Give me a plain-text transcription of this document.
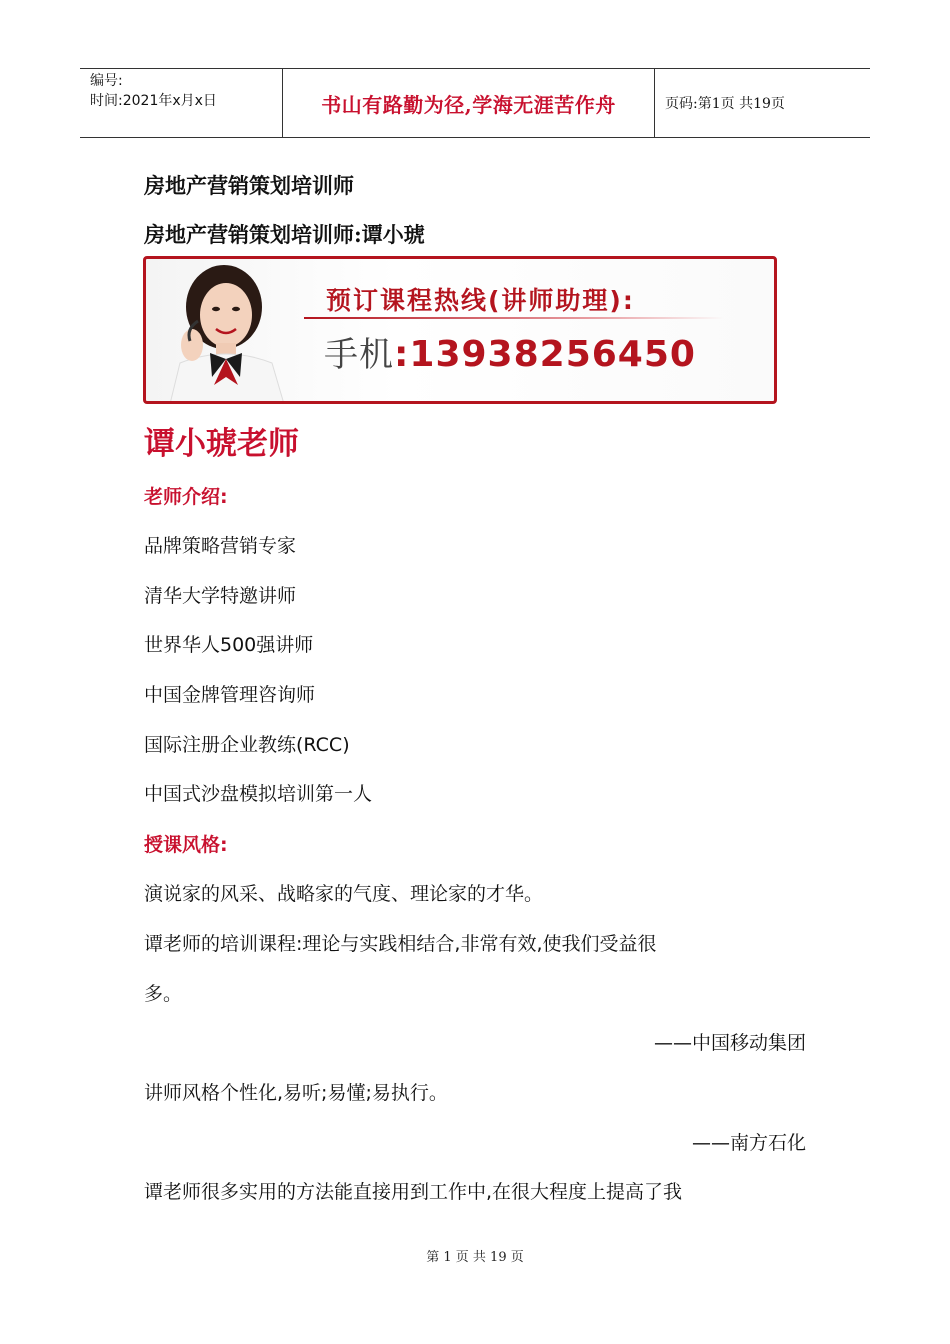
编号:
时间:2021年x月x日	书山有路勤为径,学海无涯苦作舟	页码:第1页 共19页
房地产营销策划培训师
房地产营销策划培训师:谭小琥
预订课程热线(讲师助理):
手机:13938256450
谭小琥老师
老师介绍:
品牌策略营销专家
清华大学特邀讲师
世界华人500强讲师
中国金牌管理咨询师
国际注册企业教练(RCC)
中国式沙盘模拟培训第一人
授课风格:
演说家的风采、战略家的气度、理论家的才华。
谭老师的培训课程:理论与实践相结合,非常有效,使我们受益很
多。
——中国移动集团
讲师风格个性化,易听;易懂;易执行。
——南方石化
谭老师很多实用的方法能直接用到工作中,在很大程度上提高了我
第 1 页 共 19 页
